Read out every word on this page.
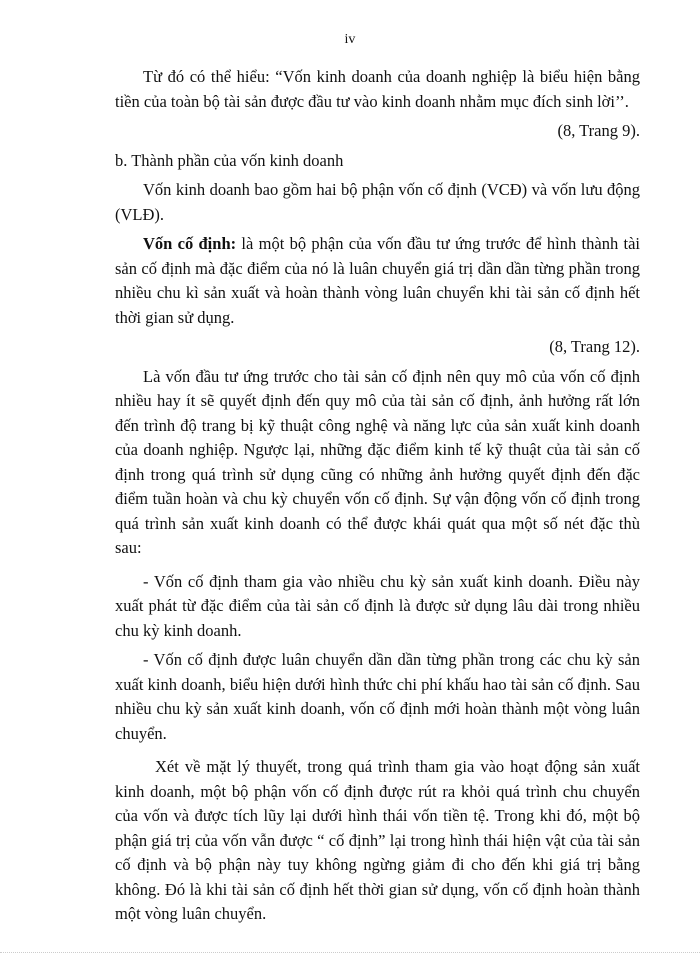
iv

Từ đó có thể hiểu: “Vốn kinh doanh của doanh nghiệp là biểu hiện bằng tiền của toàn bộ tài sản được đầu tư vào kinh doanh nhằm mục đích sinh lời’’.

(8, Trang 9).

b. Thành phần của vốn kinh doanh

Vốn kinh doanh bao gồm hai bộ phận vốn cố định (VCĐ) và vốn lưu động (VLĐ).

Vốn cố định: là một bộ phận của vốn đầu tư ứng trước để hình thành tài sản cố định mà đặc điểm của nó là luân chuyển giá trị dần dần từng phần trong nhiều chu kì sản xuất và hoàn thành vòng luân chuyển khi tài sản cố định hết thời gian sử dụng.

(8, Trang 12).

Là vốn đầu tư ứng trước cho tài sản cố định nên quy mô của vốn cố định nhiều hay ít sẽ quyết định đến quy mô của tài sản cố định, ảnh hưởng rất lớn đến trình độ trang bị kỹ thuật công nghệ và năng lực của sản xuất kinh doanh của doanh nghiệp. Ngược lại, những đặc điểm kinh tế kỹ thuật của tài sản cố định trong quá trình sử dụng cũng có những ảnh hưởng quyết định đến đặc điểm tuần hoàn và chu kỳ chuyển vốn cố định. Sự vận động vốn cố định trong quá trình sản xuất kinh doanh có thể được khái quát qua một số nét đặc thù sau:

- Vốn cố định tham gia vào nhiều chu kỳ sản xuất kinh doanh. Điều này xuất phát từ đặc điểm của tài sản cố định là được sử dụng lâu dài trong nhiều chu kỳ kinh doanh.

- Vốn cố định được luân chuyển dần dần từng phần trong các chu kỳ sản xuất kinh doanh, biểu hiện dưới hình thức chi phí khấu hao tài sản cố định. Sau nhiều chu kỳ sản xuất kinh doanh, vốn cố định mới hoàn thành một vòng luân chuyển.

Xét về mặt lý thuyết, trong quá trình tham gia vào hoạt động sản xuất kinh doanh, một bộ phận vốn cố định được rút ra khỏi quá trình chu chuyển của vốn và được tích lũy lại dưới hình thái vốn tiền tệ. Trong khi đó, một bộ phận giá trị của vốn vẫn được “ cố định” lại trong hình thái hiện vật của tài sản cố định và bộ phận này tuy không ngừng giảm đi cho đến khi giá trị bằng không. Đó là khi tài sản cố định hết thời gian sử dụng, vốn cố định hoàn thành một vòng luân chuyển.
